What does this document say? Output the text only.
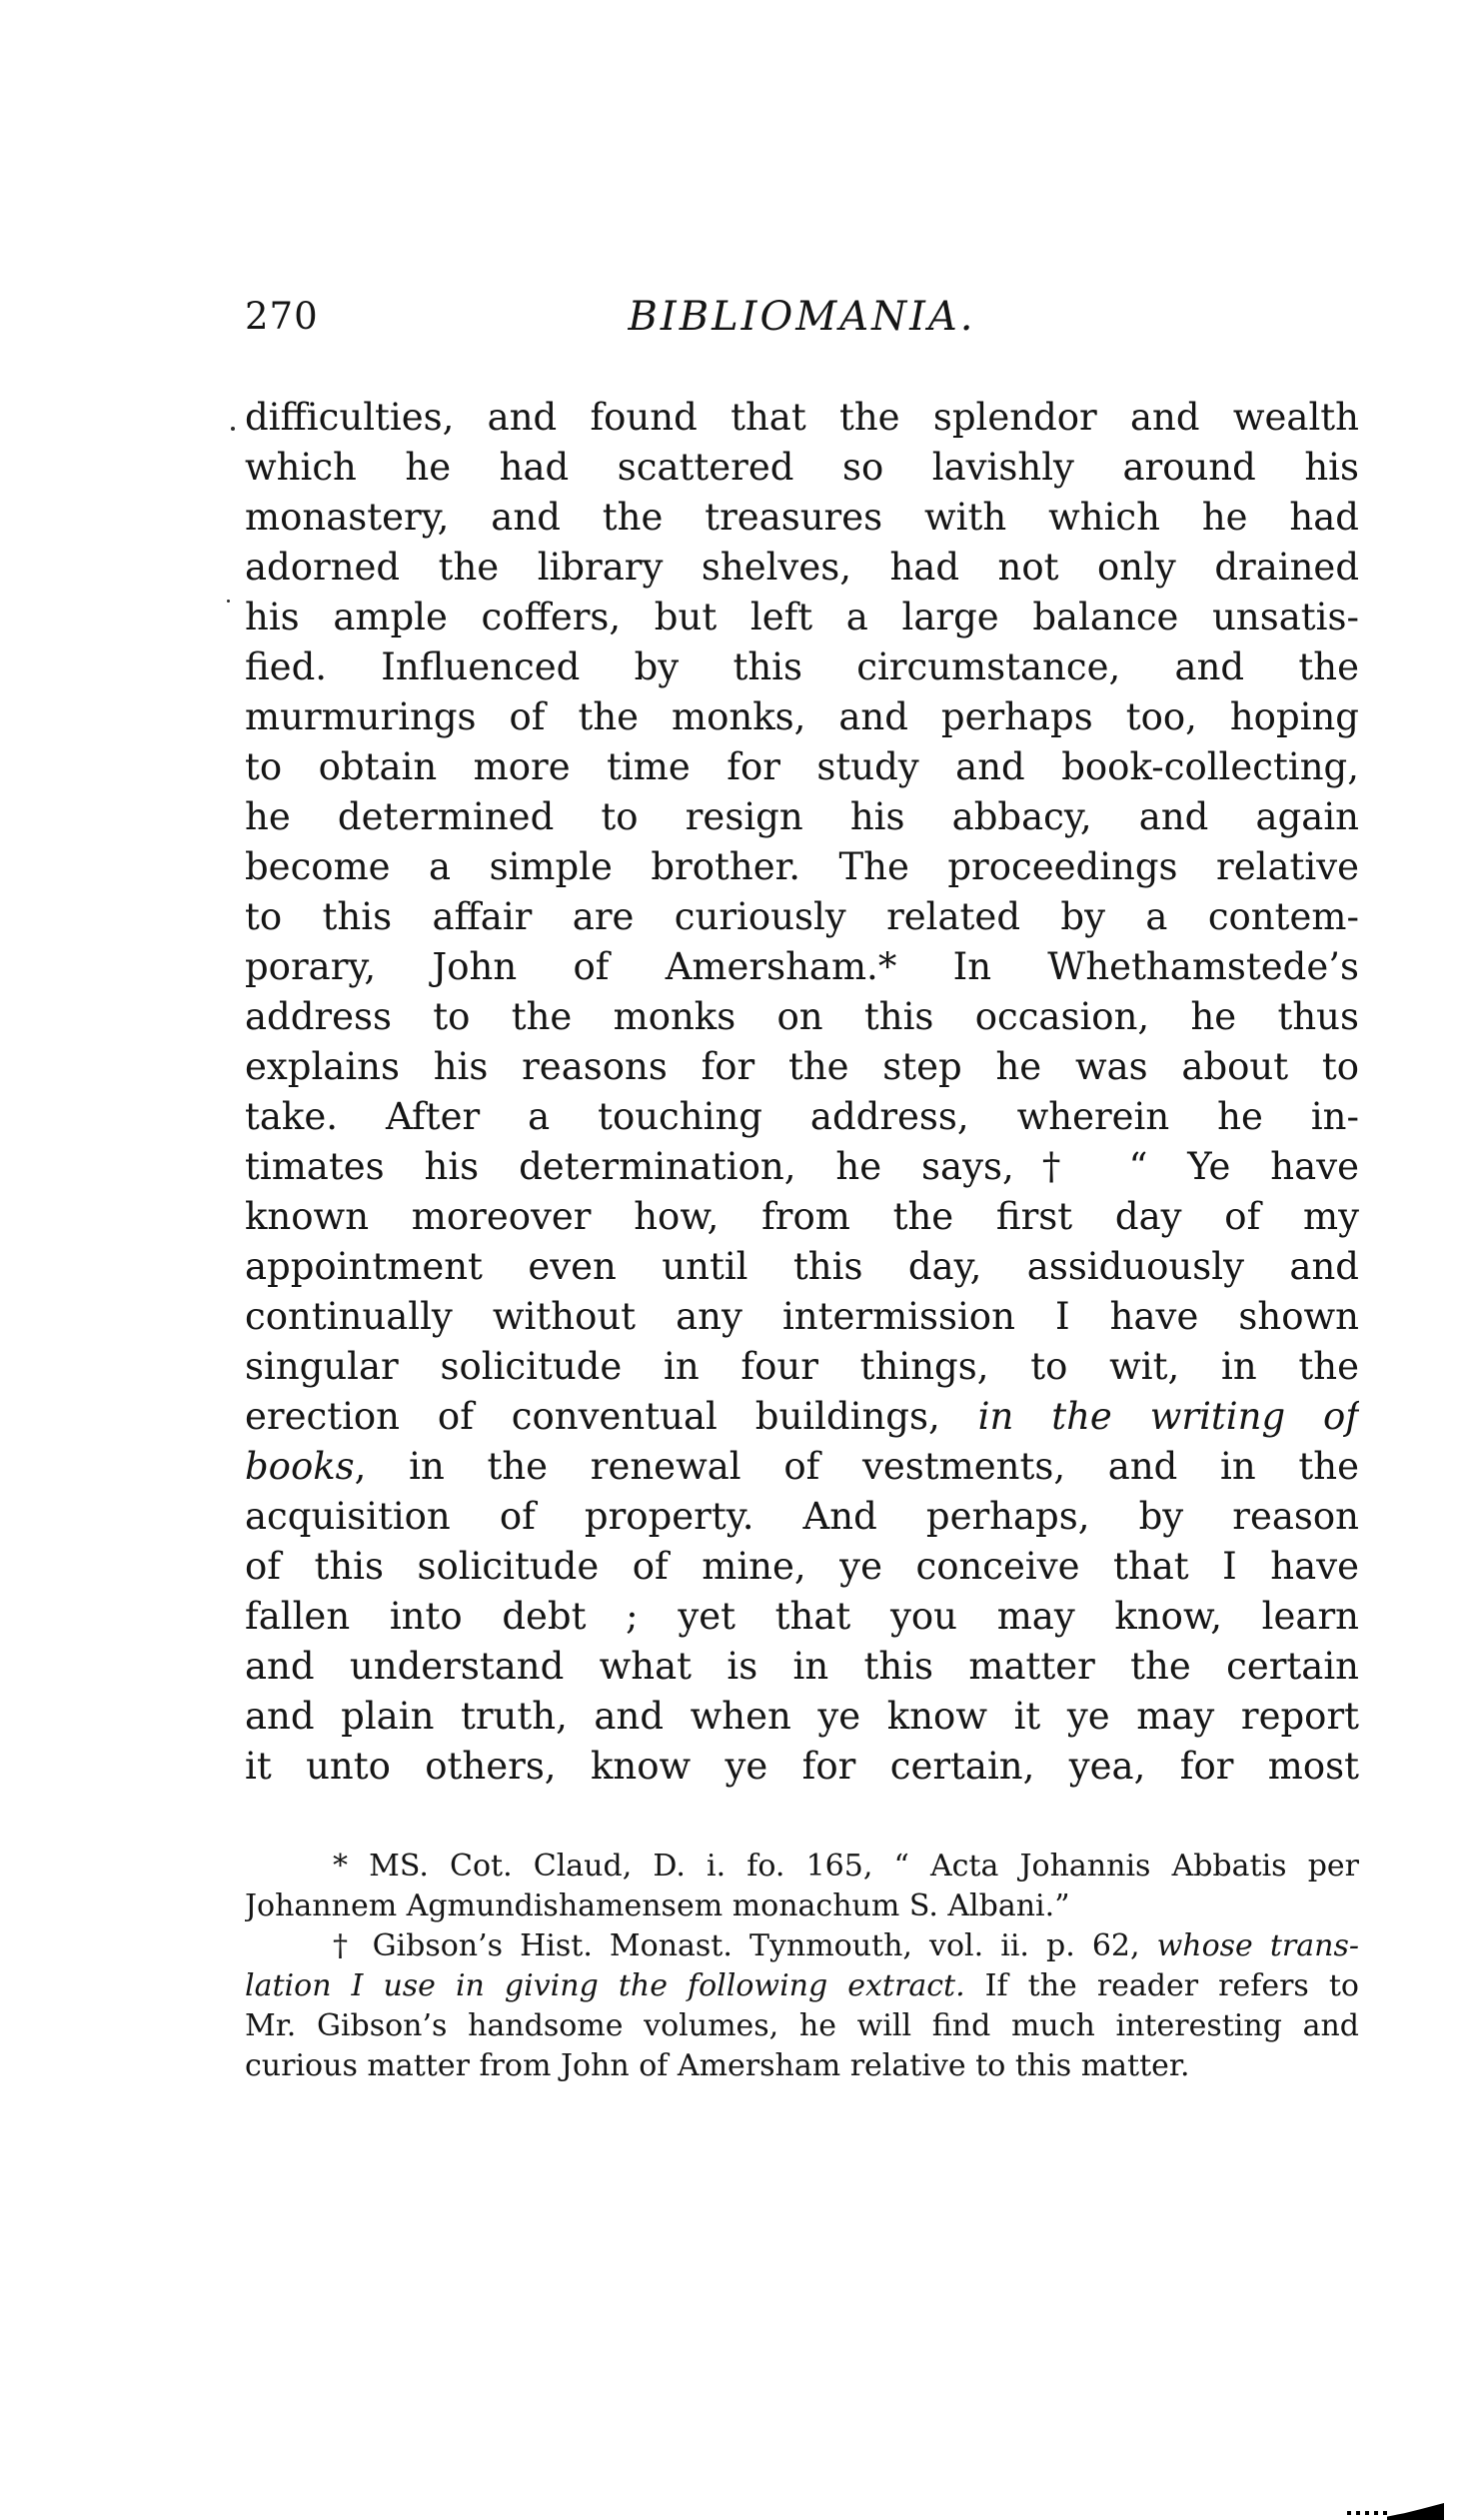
270	BIBLIOMANIA.
difficulties, and found that the splendor and wealth
which he had scattered so lavishly around his
monastery, and the treasures with which he had
adorned the library shelves, had not only drained
his ample coffers, but left a large balance unsatis-
fied. Influenced by this circumstance, and the
murmurings of the monks, and perhaps too, hoping
to obtain more time for study and book-collecting,
he determined to resign his abbacy, and again
become a simple brother. The proceedings relative
to this affair are curiously related by a contem-
porary, John of Amersham.* In Whethamstede’s
address to the monks on this occasion, he thus
explains his reasons for the step he was about to
take. After a touching address, wherein he in-
timates his determination, he says,† “ Ye have
known moreover how, from the first day of my
appointment even until this day, assiduously and
continually without any intermission I have shown
singular solicitude in four things, to wit, in the
erection of conventual buildings, in the writing of
books, in the renewal of vestments, and in the
acquisition of property. And perhaps, by reason
of this solicitude of mine, ye conceive that I have
fallen into debt ; yet that you may know, learn
and understand what is in this matter the certain
and plain truth, and when ye know it ye may report
it unto others, know ye for certain, yea, for most
* MS. Cot. Claud, D. i. fo. 165, “ Acta Johannis Abbatis per
Johannem Agmundishamensem monachum S. Albani.”
† Gibson’s Hist. Monast. Tynmouth, vol. ii. p. 62, whose trans-
lation I use in giving the following extract. If the reader refers to
Mr. Gibson’s handsome volumes, he will find much interesting and
curious matter from John of Amersham relative to this matter.
